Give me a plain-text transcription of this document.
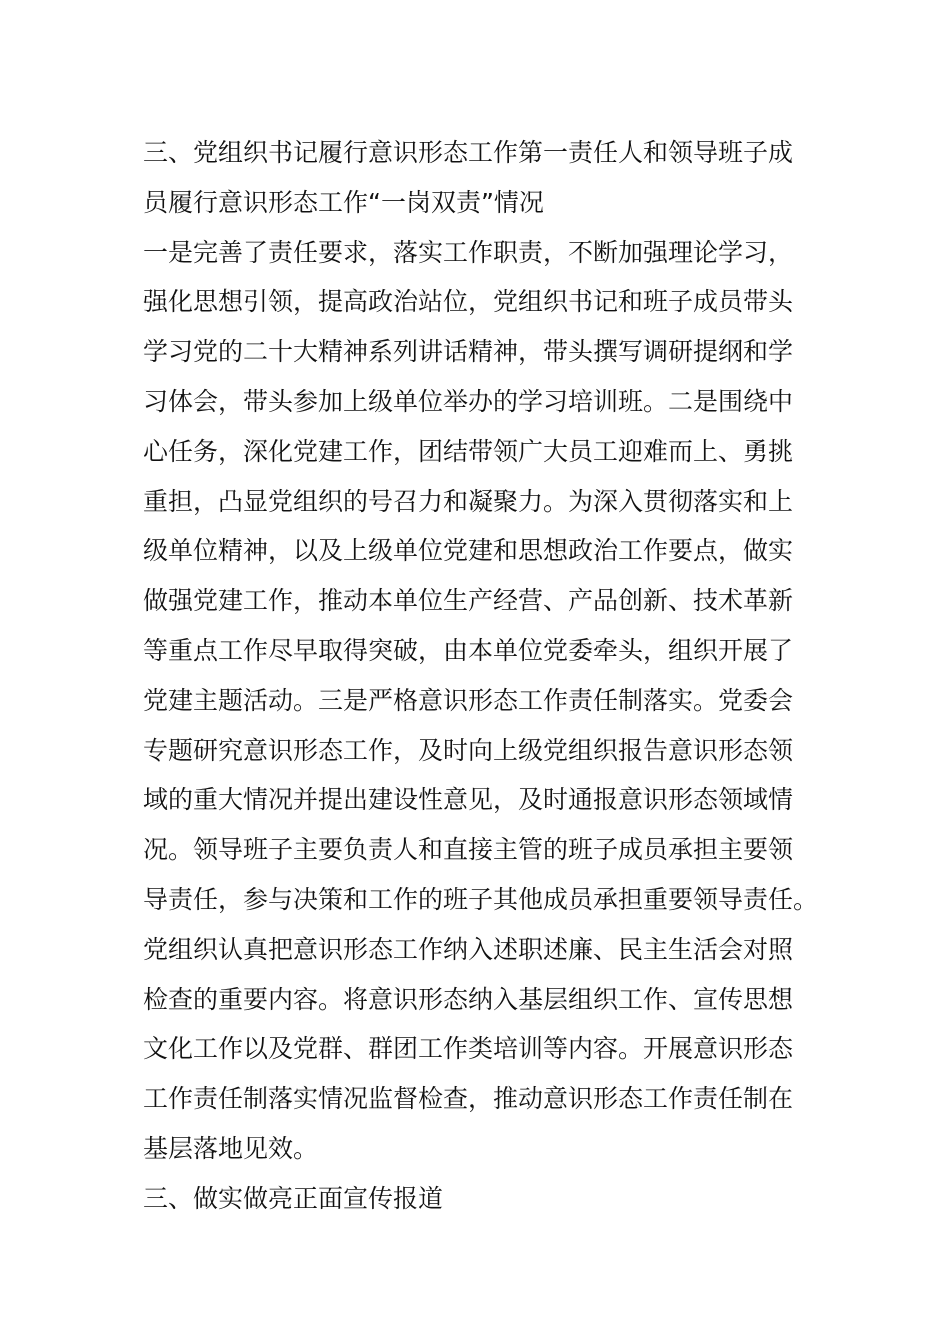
三、党组织书记履行意识形态工作第一责任人和领导班子成
员履行意识形态工作“一岗双责”情况
一是完善了责任要求，落实工作职责，不断加强理论学习，
强化思想引领，提高政治站位，党组织书记和班子成员带头
学习党的二十大精神系列讲话精神，带头撰写调研提纲和学
习体会，带头参加上级单位举办的学习培训班。二是围绕中
心任务，深化党建工作，团结带领广大员工迎难而上、勇挑
重担，凸显党组织的号召力和凝聚力。为深入贯彻落实和上
级单位精神，以及上级单位党建和思想政治工作要点，做实
做强党建工作，推动本单位生产经营、产品创新、技术革新
等重点工作尽早取得突破，由本单位党委牵头，组织开展了
党建主题活动。三是严格意识形态工作责任制落实。党委会
专题研究意识形态工作，及时向上级党组织报告意识形态领
域的重大情况并提出建设性意见，及时通报意识形态领域情
况。领导班子主要负责人和直接主管的班子成员承担主要领
导责任，参与决策和工作的班子其他成员承担重要领导责任。
党组织认真把意识形态工作纳入述职述廉、民主生活会对照
检查的重要内容。将意识形态纳入基层组织工作、宣传思想
文化工作以及党群、群团工作类培训等内容。开展意识形态
工作责任制落实情况监督检查，推动意识形态工作责任制在
基层落地见效。
三、做实做亮正面宣传报道
